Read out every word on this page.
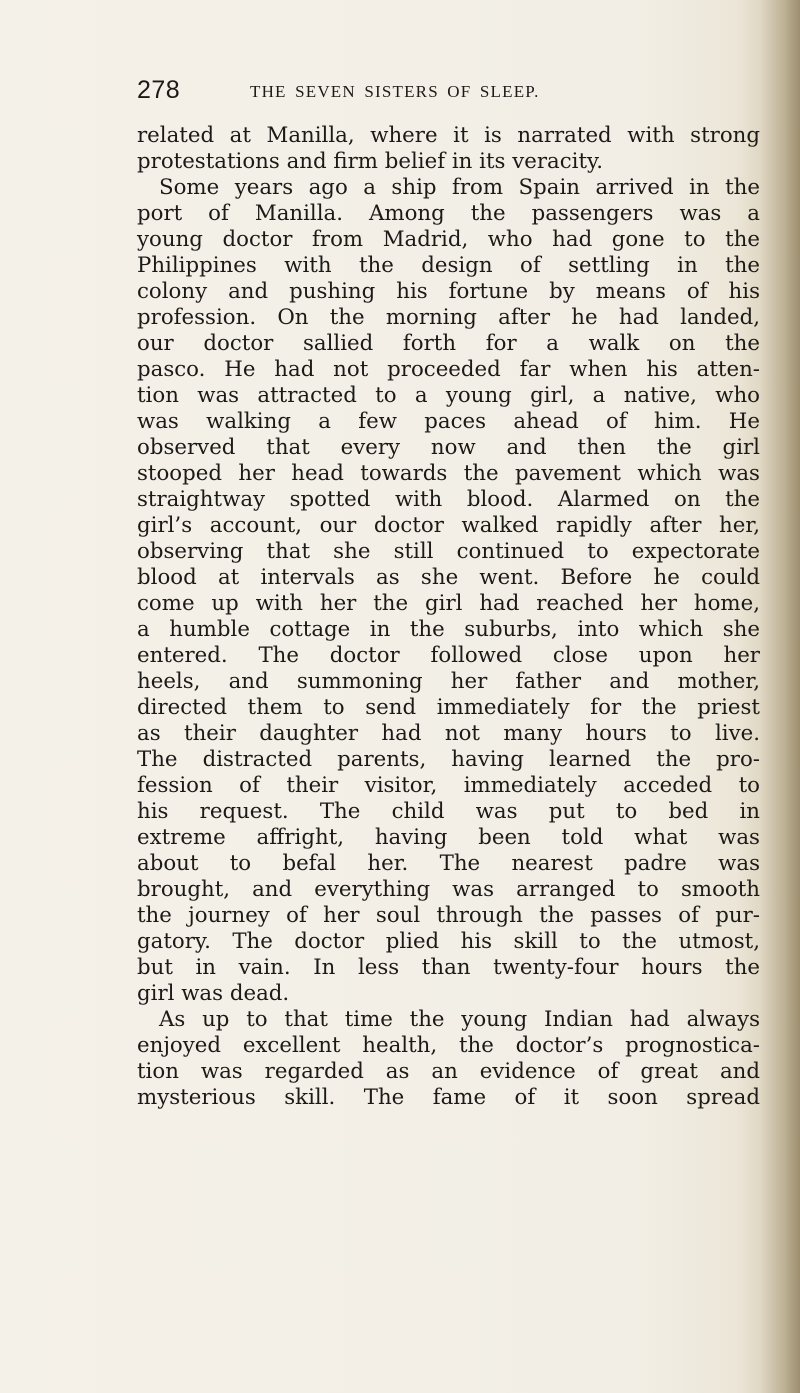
278	THE SEVEN SISTERS OF SLEEP.
related at Manilla, where it is narrated with strong
protestations and firm belief in its veracity.
Some years ago a ship from Spain arrived in the
port of Manilla. Among the passengers was a
young doctor from Madrid, who had gone to the
Philippines with the design of settling in the
colony and pushing his fortune by means of his
profession. On the morning after he had landed,
our doctor sallied forth for a walk on the
pasco. He had not proceeded far when his atten-
tion was attracted to a young girl, a native, who
was walking a few paces ahead of him. He
observed that every now and then the girl
stooped her head towards the pavement which was
straightway spotted with blood. Alarmed on the
girl’s account, our doctor walked rapidly after her,
observing that she still continued to expectorate
blood at intervals as she went. Before he could
come up with her the girl had reached her home,
a humble cottage in the suburbs, into which she
entered. The doctor followed close upon her
heels, and summoning her father and mother,
directed them to send immediately for the priest
as their daughter had not many hours to live.
The distracted parents, having learned the pro-
fession of their visitor, immediately acceded to
his request. The child was put to bed in
extreme affright, having been told what was
about to befal her. The nearest padre was
brought, and everything was arranged to smooth
the journey of her soul through the passes of pur-
gatory. The doctor plied his skill to the utmost,
but in vain. In less than twenty-four hours the
girl was dead.
As up to that time the young Indian had always
enjoyed excellent health, the doctor’s prognostica-
tion was regarded as an evidence of great and
mysterious skill. The fame of it soon spread
